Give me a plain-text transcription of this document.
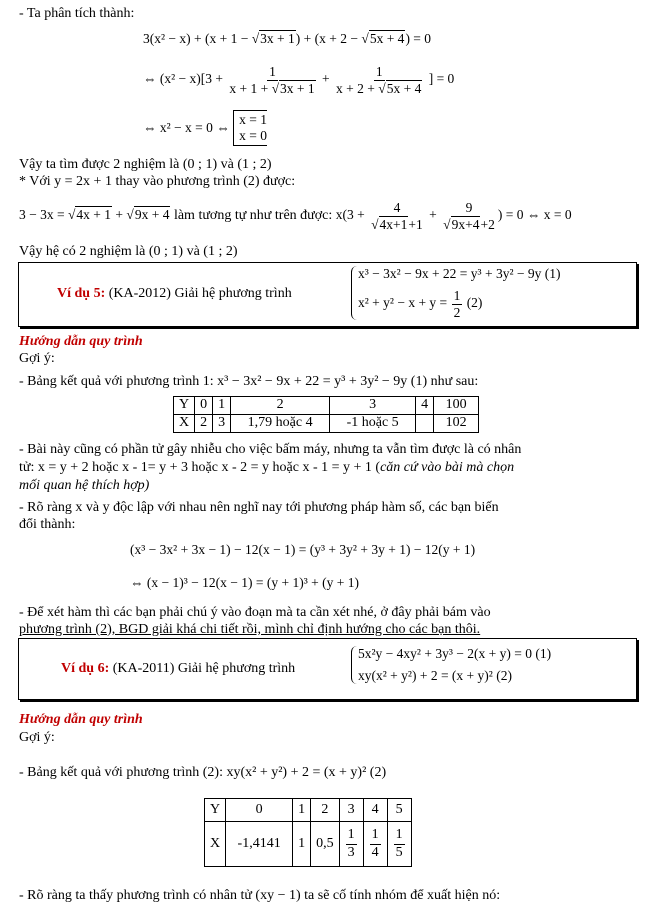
- Ta phân tích thành:
3(x² − x) + (x + 1 − √3x + 1) + (x + 2 − √5x + 4) = 0
⇔ $(x^2 - x)[3 + \frac{1}{x + 1 + √3x + 1} + \frac{1}{x + 2 + √5x + 4}$ ] = 0
⇔ x² − x = 0 ⇔
x = 1
x = 0
Vậy ta tìm được 2 nghiệm là (0 ; 1) và (1 ; 2)
* Với y = 2x + 1 thay vào phương trình (2) được:
3 − 3x = √4x + 1 + √9x + 4 làm tương tự như trên được: $x(3 + \frac{4}{√4x+1+1} + \frac{9}{√9x+4+2}$ ) = 0 ⇔ x = 0
Vậy hệ có 2 nghiệm là (0 ; 1) và (1 ; 2)
Ví dụ 5: (KA-2012) Giải hệ phương trình
x³ − 3x² − 9x + 22 = y³ + 3y² − 9y (1)
$x^2 + y^2 - x + y = \frac{1}{2} (2)$
Hướng dẫn quy trình
Gợi ý:
- Bảng kết quả với phương trình 1: x³ − 3x² − 9x + 22 = y³ + 3y² − 9y (1) như sau:
Y	0	1	2	3	4	100
X	2	3	1,79 hoặc 4	-1 hoặc 5		102
- Bài này cũng có phần tử gây nhiễu cho việc bấm máy, nhưng ta vẫn tìm được là có nhân
tử: x = y + 2 hoặc x - 1= y + 3 hoặc x - 2 = y hoặc x - 1 = y + 1 (căn cứ vào bài mà chọn
mối quan hệ thích hợp)
- Rõ ràng x và y độc lập với nhau nên nghĩ nay tới phương pháp hàm số, các bạn biến
đổi thành:
(x³ − 3x² + 3x − 1) − 12(x − 1) = (y³ + 3y² + 3y + 1) − 12(y + 1)
⇔ (x − 1)³ − 12(x − 1) = (y + 1)³ + (y + 1)
- Để xét hàm thì các bạn phải chú ý vào đoạn mà ta cần xét nhé, ở đây phải bám vào
phương trình (2), BGD giải khá chi tiết rồi, mình chỉ định hướng cho các bạn thôi.
Ví dụ 6: (KA-2011) Giải hệ phương trình
5x²y − 4xy² + 3y³ − 2(x + y) = 0 (1)
xy(x² + y²) + 2 = (x + y)² (2)
Hướng dẫn quy trình
Gợi ý:
- Bảng kết quả với phương trình (2): xy(x² + y²) + 2 = (x + y)² (2)
Y	0	1	2	3	4	5
X	-1,4141	1	0,5	$\frac{1}{3}$	$\frac{1}{4}$	$\frac{1}{5}$
- Rõ ràng ta thấy phương trình có nhân tử (xy − 1) ta sẽ cố tính nhóm để xuất hiện nó:
